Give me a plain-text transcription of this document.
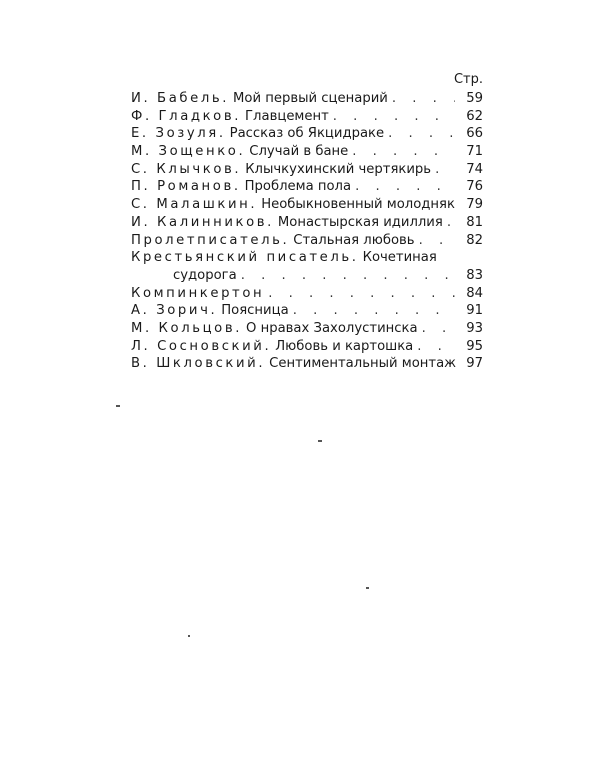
Стр.
И. Бабель. Мой первый сценарий . . .	59
Ф. Гладков. Главцемент . . .	62
Е. Зозуля. Рассказ об Якцидраке . . .	66
М. Зощенко. Случай в бане . . .	71
С. Клычков. Клычкухинский чертякирь . . .	74
П. Романов. Проблема пола . . .	76
С. Малашкин. Необыкновенный молодняк 79
И. Калинников. Монастырская идиллия . . .	81
Пролетписатель. Стальная любовь . . .	82
Крестьянский писатель. Кочетиная
судорога . . .	83
Компинкертон . . .	84
А. Зорич. Поясница . . .	91
М. Кольцов. О нравах Захолустинска . . .	93
Л. Сосновский. Любовь и картошка . . .	95
В. Шкловский. Сентиментальный монтаж 97
